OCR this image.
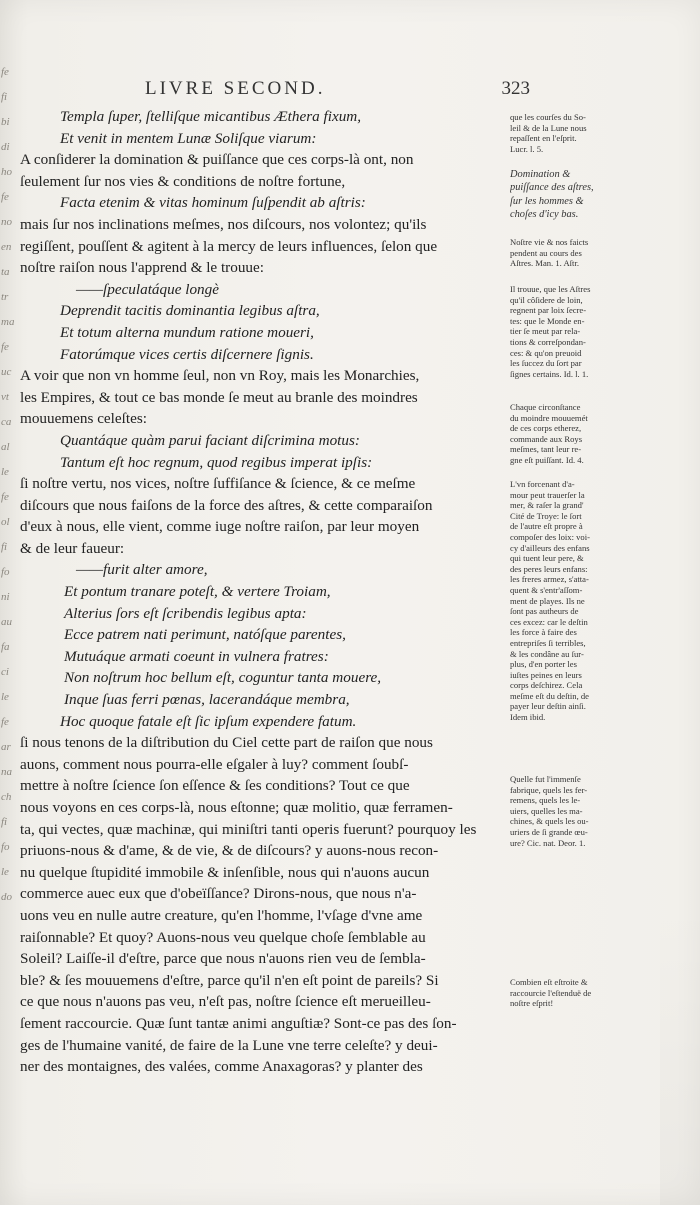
fe
fi
bi
di
ho
fe
no
en
ta
tr
ma
fe
uc
vt
ca
al
le
fe
ol
fi
fo
ni
au
fa
ci
le
fe
ar
na
ch
fi
fo
le
do
LIVRE SECOND.	323
Templa ſuper, ſtelliſque micantibus Æthera fixum,
Et venit in mentem Lunæ Soliſque viarum:
A conſiderer la domination & puiſſance que ces corps-là ont, non
ſeulement ſur nos vies & conditions de noſtre fortune,
Facta etenim & vitas hominum ſuſpendit ab aſtris:
mais ſur nos inclinations meſmes, nos diſcours, nos volontez; qu'ils
regiſſent, pouſſent & agitent à la mercy de leurs influences, ſelon que
noſtre raiſon nous l'apprend & le trouue:
——ſpeculatáque longè
Deprendit tacitis dominantia legibus aſtra,
Et totum alterna mundum ratione moueri,
Fatorúmque vices certis diſcernere ſignis.
A voir que non vn homme ſeul, non vn Roy, mais les Monarchies,
les Empires, & tout ce bas monde ſe meut au branle des moindres
mouuemens celeſtes:
Quantáque quàm parui faciant diſcrimina motus:
Tantum eſt hoc regnum, quod regibus imperat ipſis:
ſi noſtre vertu, nos vices, noſtre ſuffiſance & ſcience, & ce meſme
diſcours que nous faiſons de la force des aſtres, & cette comparaiſon
d'eux à nous, elle vient, comme iuge noſtre raiſon, par leur moyen
& de leur faueur:
——furit alter amore,
Et pontum tranare poteſt, & vertere Troiam,
Alterius ſors eſt ſcribendis legibus apta:
Ecce patrem nati perimunt, natóſque parentes,
Mutuáque armati coeunt in vulnera fratres:
Non noſtrum hoc bellum eſt, coguntur tanta mouere,
Inque ſuas ferri pœnas, lacerandáque membra,
Hoc quoque fatale eſt ſic ipſum expendere fatum.
ſi nous tenons de la diſtribution du Ciel cette part de raiſon que nous
auons, comment nous pourra-elle eſgaler à luy? comment ſoubſ-
mettre à noſtre ſcience ſon eſſence & ſes conditions? Tout ce que
nous voyons en ces corps-là, nous eſtonne; quæ molitio, quæ ferramen-
ta, qui vectes, quæ machinæ, qui miniſtri tanti operis fuerunt? pourquoy les
priuons-nous & d'ame, & de vie, & de diſcours? y auons-nous recon-
nu quelque ſtupidité immobile & inſenſible, nous qui n'auons aucun
commerce auec eux que d'obeïſſance? Dirons-nous, que nous n'a-
uons veu en nulle autre creature, qu'en l'homme, l'vſage d'vne ame
raiſonnable? Et quoy? Auons-nous veu quelque choſe ſemblable au
Soleil? Laiſſe-il d'eſtre, parce que nous n'auons rien veu de ſembla-
ble? & ſes mouuemens d'eſtre, parce qu'il n'en eſt point de pareils? Si
ce que nous n'auons pas veu, n'eſt pas, noſtre ſcience eſt merueilleu-
ſement raccourcie. Quæ ſunt tantæ animi anguſtiæ? Sont-ce pas des ſon-
ges de l'humaine vanité, de faire de la Lune vne terre celeſte? y deui-
ner des montaignes, des valées, comme Anaxagoras? y planter des
que les courſes du So-
leil & de la Lune nous
repaſſent en l'eſprit.
Lucr. l. 5.
Domination &
puiſſance des aſtres,
ſur les hommes &
choſes d'icy bas.
Noſtre vie & nos faicts
pendent au cours des
Aſtres. Man. 1. Aſtr.
Il trouue, que les Aſtres
qu'il côſidere de loin,
regnent par loix ſecre-
tes: que le Monde en-
tier ſe meut par rela-
tions & correſpondan-
ces: & qu'on preuoid
les ſuccez du ſort par
ſignes certains. Id. l. 1.
Chaque circonſtance
du moindre mouuemét
de ces corps etherez,
commande aux Roys
meſmes, tant leur re-
gne eſt puiſſant. Id. 4.
L'vn forcenant d'a-
mour peut trauerſer la
mer, & raſer la grand'
Cité de Troye: le ſort
de l'autre eſt propre à
compoſer des loix: voi-
cy d'ailleurs des enfans
qui tuent leur pere, &
des peres leurs enfans:
les freres armez, s'atta-
quent & s'entr'aſſom-
ment de playes. Ils ne
ſont pas autheurs de
ces excez: car le deſtin
les force à faire des
entrepriſes ſi terribles,
& les condâne au ſur-
plus, d'en porter les
iuſtes peines en leurs
corps deſchirez. Cela
meſme eſt du deſtin, de
payer leur deſtin ainſi.
Idem ibid.
Quelle fut l'immenſe
fabrique, quels les fer-
remens, quels les le-
uiers, quelles les ma-
chines, & quels les ou-
uriers de ſi grande œu-
ure? Cic. nat. Deor. 1.
Combien eſt eſtroite &
raccourcie l'eſtenduë de
noſtre eſprit!
